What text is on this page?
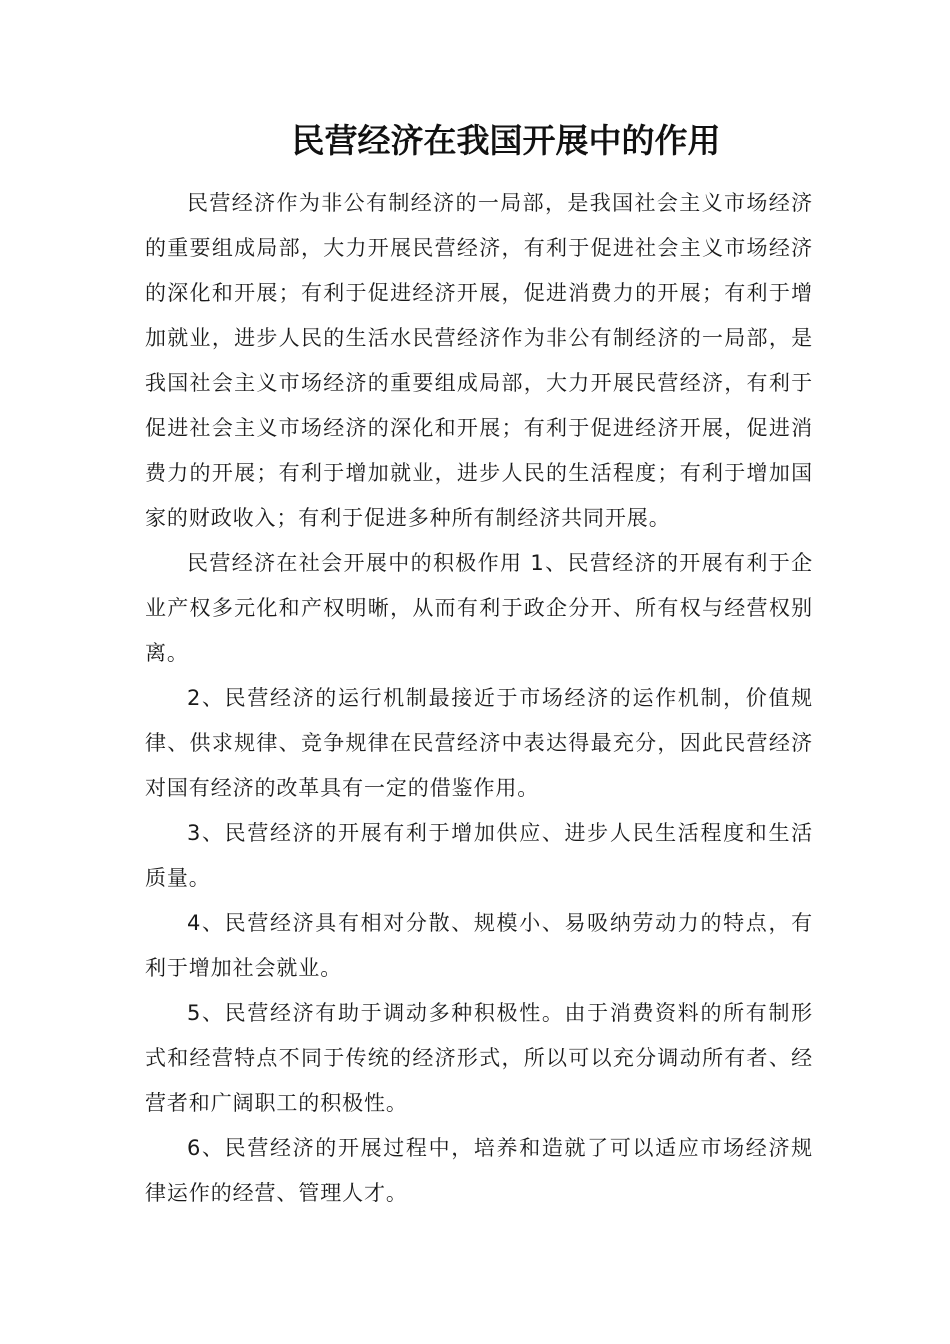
民营经济在我国开展中的作用

民营经济作为非公有制经济的一局部，是我国社会主义市场经济的重要组成局部，大力开展民营经济，有利于促进社会主义市场经济的深化和开展；有利于促进经济开展，促进消费力的开展；有利于增加就业，进步人民的生活水民营经济作为非公有制经济的一局部，是我国社会主义市场经济的重要组成局部，大力开展民营经济，有利于促进社会主义市场经济的深化和开展；有利于促进经济开展，促进消费力的开展；有利于增加就业，进步人民的生活程度；有利于增加国家的财政收入；有利于促进多种所有制经济共同开展。

民营经济在社会开展中的积极作用 1、民营经济的开展有利于企业产权多元化和产权明晰，从而有利于政企分开、所有权与经营权别离。

2、民营经济的运行机制最接近于市场经济的运作机制，价值规律、供求规律、竞争规律在民营经济中表达得最充分，因此民营经济对国有经济的改革具有一定的借鉴作用。

3、民营经济的开展有利于增加供应、进步人民生活程度和生活质量。

4、民营经济具有相对分散、规模小、易吸纳劳动力的特点，有利于增加社会就业。

5、民营经济有助于调动多种积极性。由于消费资料的所有制形式和经营特点不同于传统的经济形式，所以可以充分调动所有者、经营者和广阔职工的积极性。

6、民营经济的开展过程中，培养和造就了可以适应市场经济规律运作的经营、管理人才。
